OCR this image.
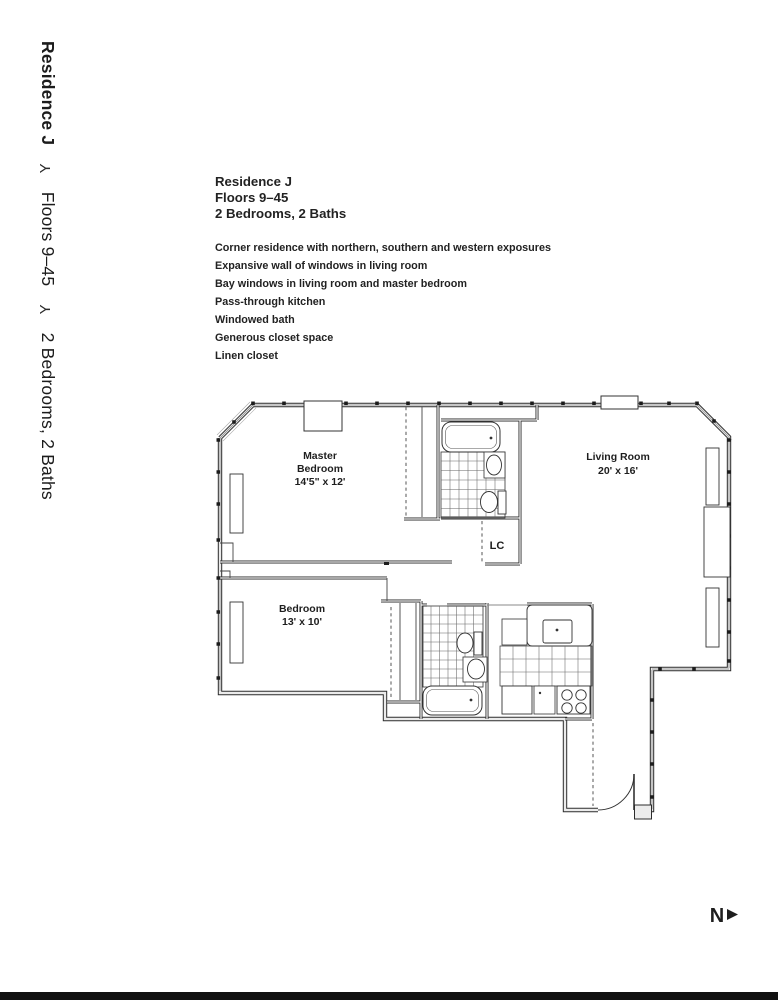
Residence J Y Floors 9–45 Y 2 Bedrooms, 2 Baths
Residence J
Floors 9–45
2 Bedrooms, 2 Baths
Corner residence with northern, southern and western exposures
Expansive wall of windows in living room
Bay windows in living room and master bedroom
Pass-through kitchen
Windowed bath
Generous closet space
Linen closet
Master
Bedroom
14'5" x 12'
Living Room
20' x 16'
Bedroom
13' x 10'
LC
N
